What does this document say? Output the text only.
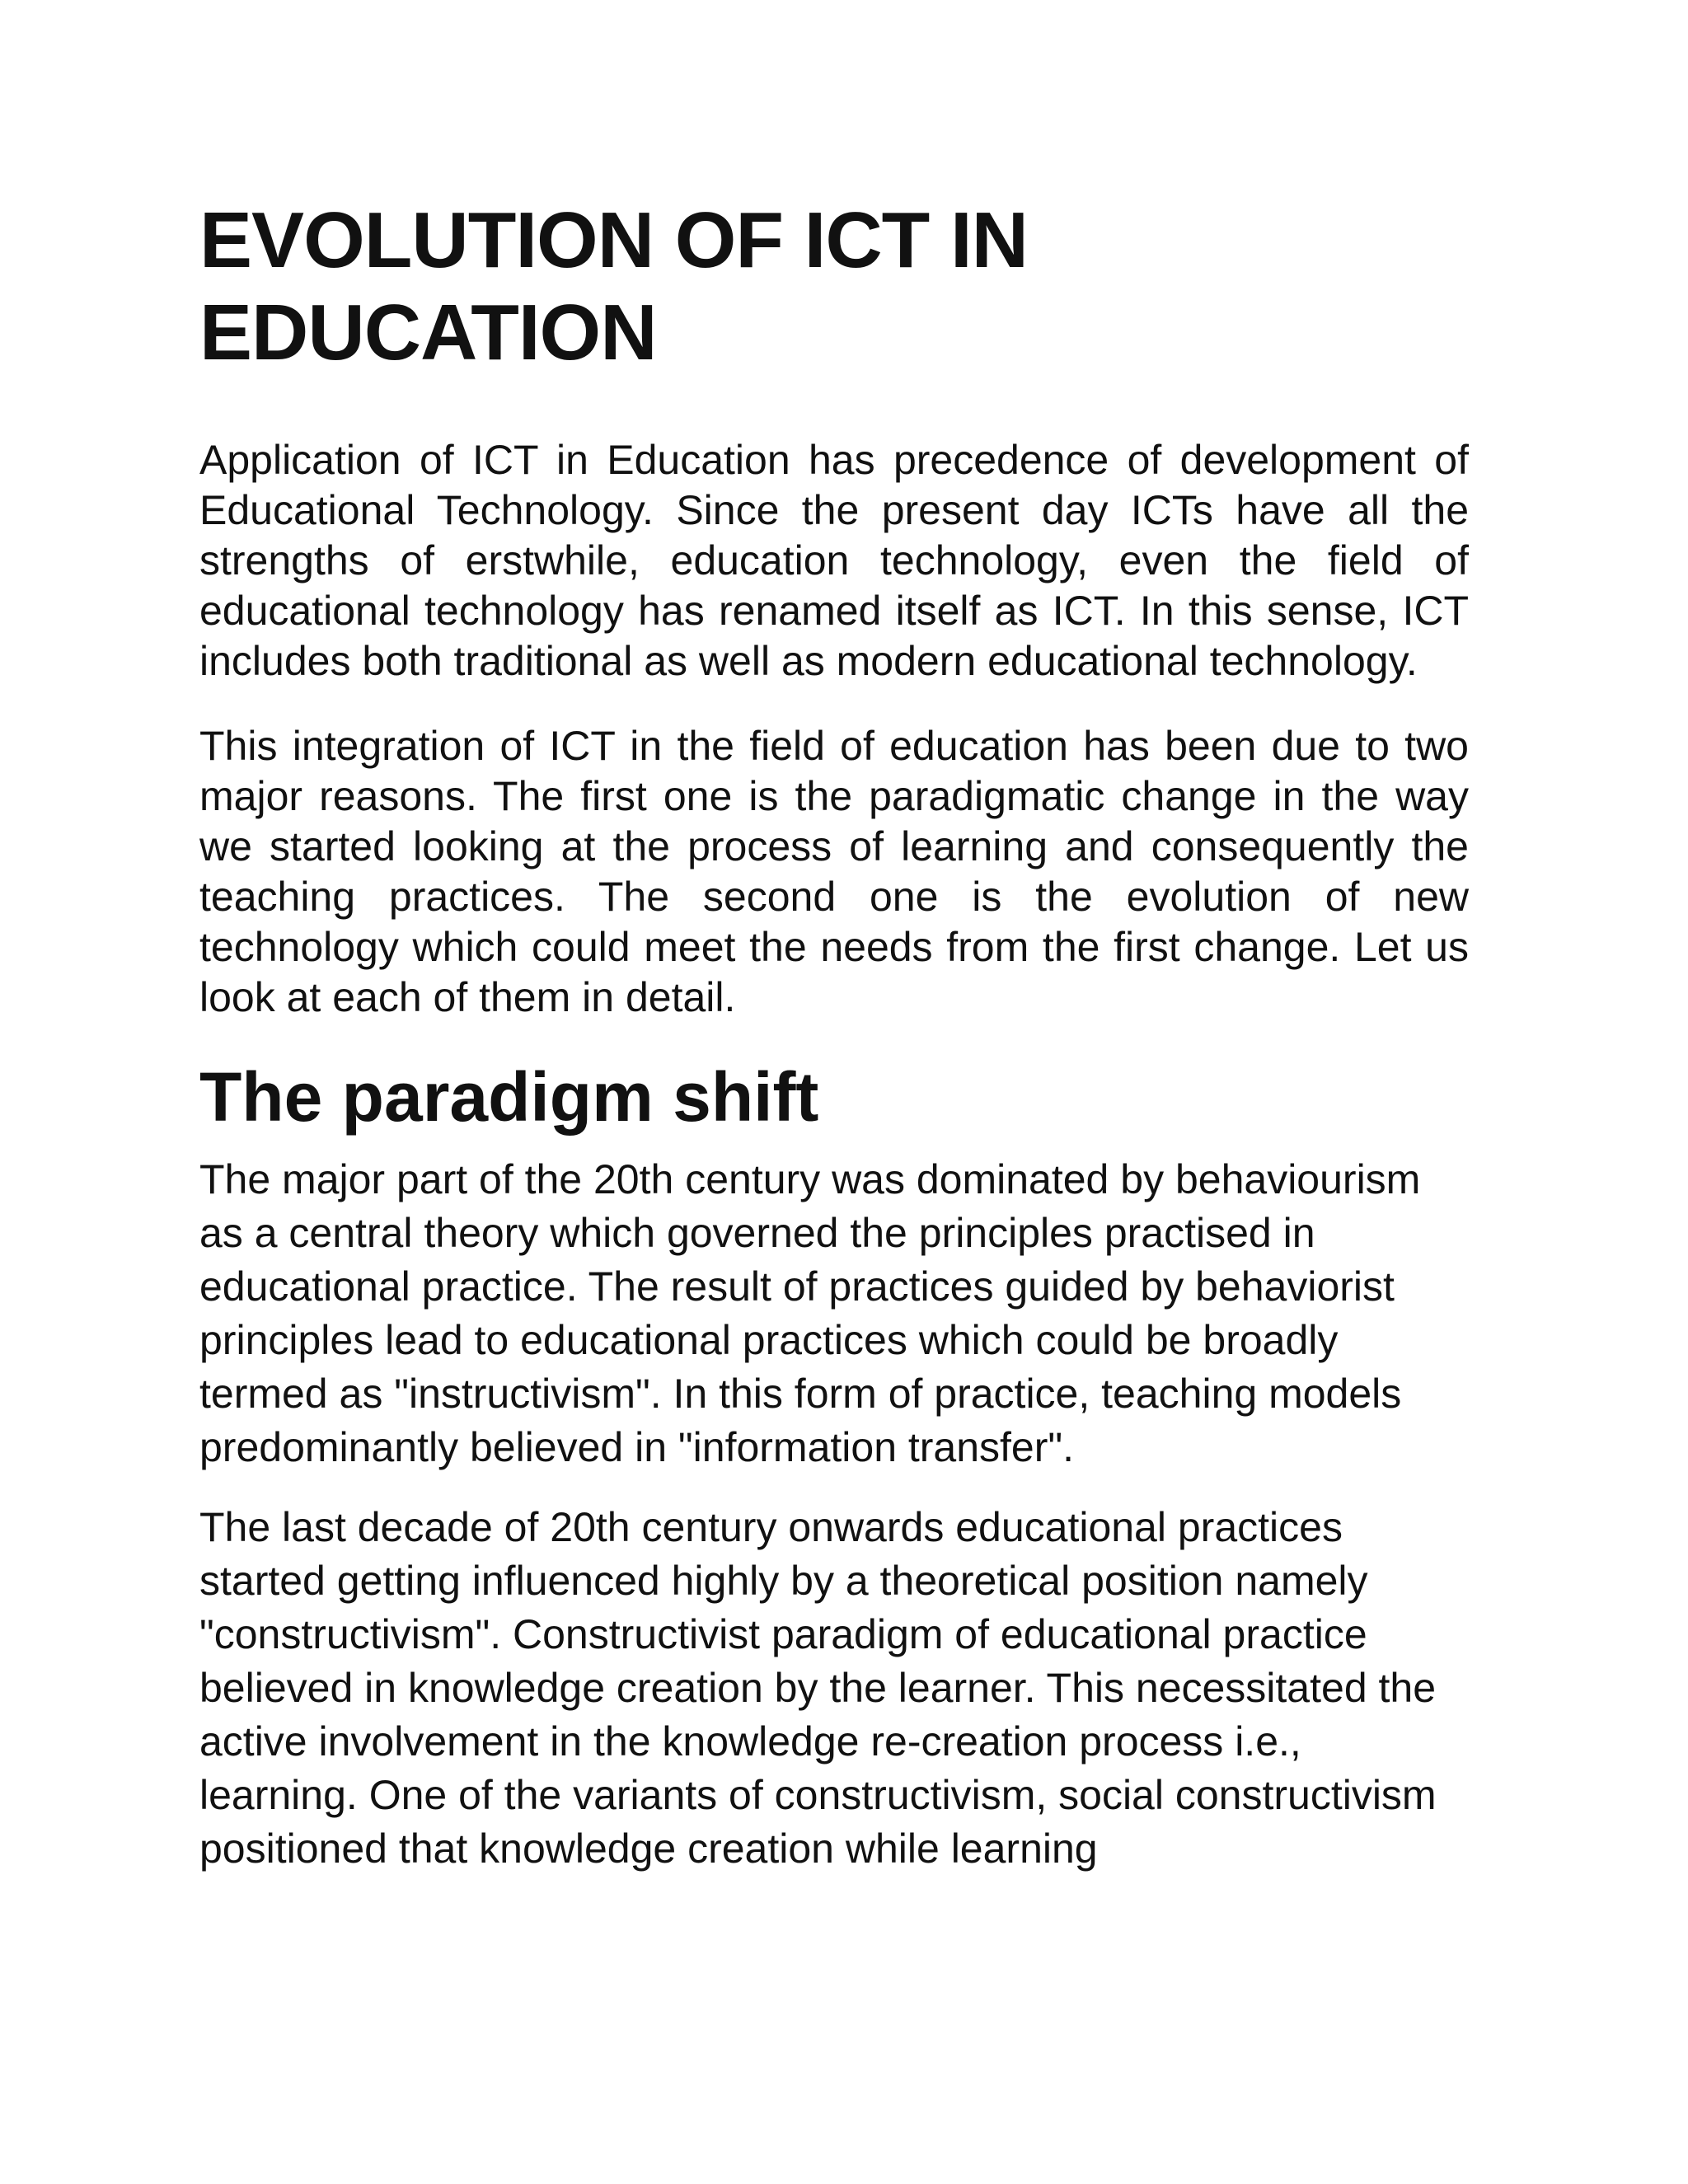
EVOLUTION OF ICT IN EDUCATION

Application of ICT in Education has precedence of development of Educational Technology. Since the present day ICTs have all the strengths of erstwhile, education technology, even the field of educational technology has renamed itself as ICT. In this sense, ICT includes both traditional as well as modern educational technology.

This integration of ICT in the field of education has been due to two major reasons. The first one is the paradigmatic change in the way we started looking at the process of learning and consequently the teaching practices. The second one is the evolution of new technology which could meet the needs from the first change. Let us look at each of them in detail.

The paradigm shift

The major part of the 20th century was dominated by behaviourism as a central theory which governed the principles practised in educational practice. The result of practices guided by behaviorist principles lead to educational practices which could be broadly termed as "instructivism". In this form of practice, teaching models predominantly believed in "information transfer".

The last decade of 20th century onwards educational practices started getting influenced highly by a theoretical position namely "constructivism". Constructivist paradigm of educational practice believed in knowledge creation by the learner. This necessitated the active involvement in the knowledge re-creation process i.e., learning. One of the variants of constructivism, social constructivism positioned that knowledge creation while learning
